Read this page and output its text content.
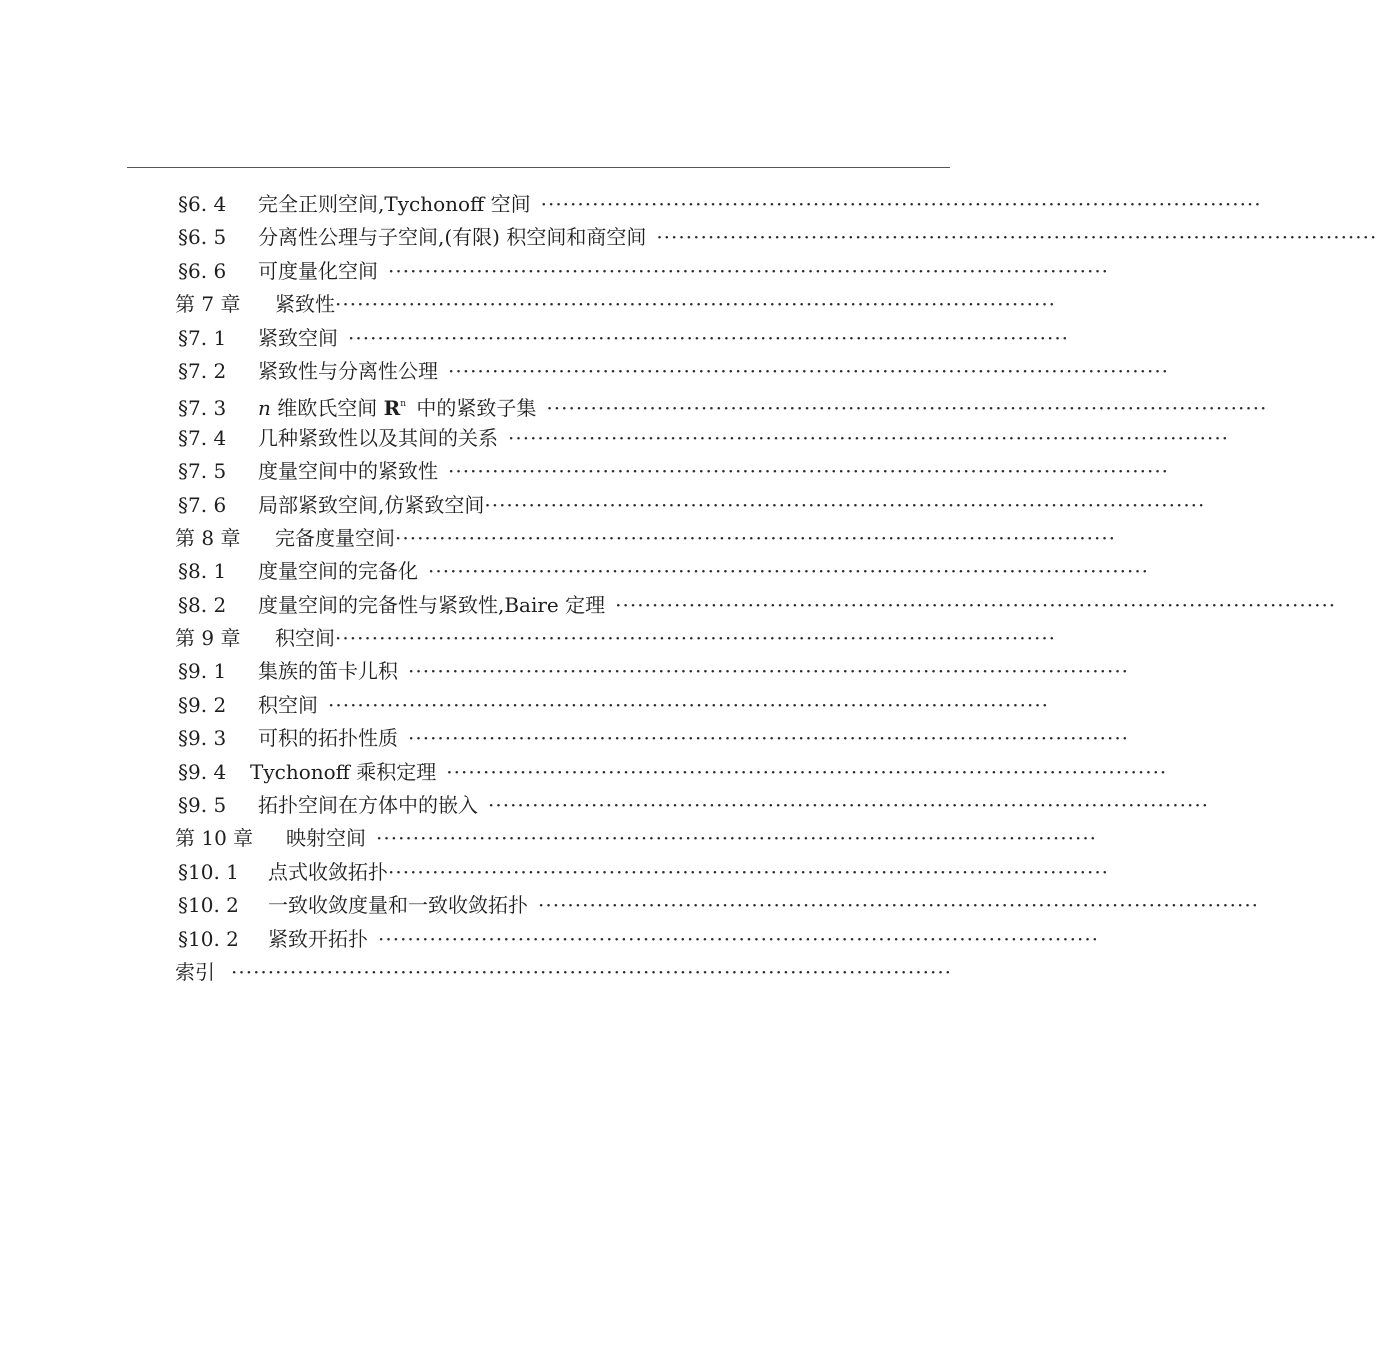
§6. 4	完全正则空间,Tychonoff 空间 ··································································································
§6. 5	分离性公理与子空间,(有限) 积空间和商空间 ··································································································
§6. 6	可度量化空间 ··································································································
第 7 章	紧致性 ··································································································
§7. 1	紧致空间 ··································································································
§7. 2	紧致性与分离性公理 ··································································································
§7. 3	n 维欧氏空间 $R^n$ 中的紧致子集 ··································································································
§7. 4	几种紧致性以及其间的关系 ··································································································
§7. 5	度量空间中的紧致性 ··································································································
§7. 6	局部紧致空间,仿紧致空间 ··································································································
第 8 章	完备度量空间 ··································································································
§8. 1	度量空间的完备化 ··································································································
§8. 2	度量空间的完备性与紧致性,Baire 定理 ··································································································
第 9 章	积空间 ··································································································
§9. 1	集族的笛卡儿积 ··································································································
§9. 2	积空间 ··································································································
§9. 3	可积的拓扑性质 ··································································································
§9. 4	Tychonoff 乘积定理 ··································································································
§9. 5	拓扑空间在方体中的嵌入 ··································································································
第 10 章	映射空间 ··································································································
§10. 1	点式收敛拓扑 ··································································································
§10. 2	一致收敛度量和一致收敛拓扑 ··································································································
§10. 2	紧致开拓扑 ··································································································
索引 ··································································································
